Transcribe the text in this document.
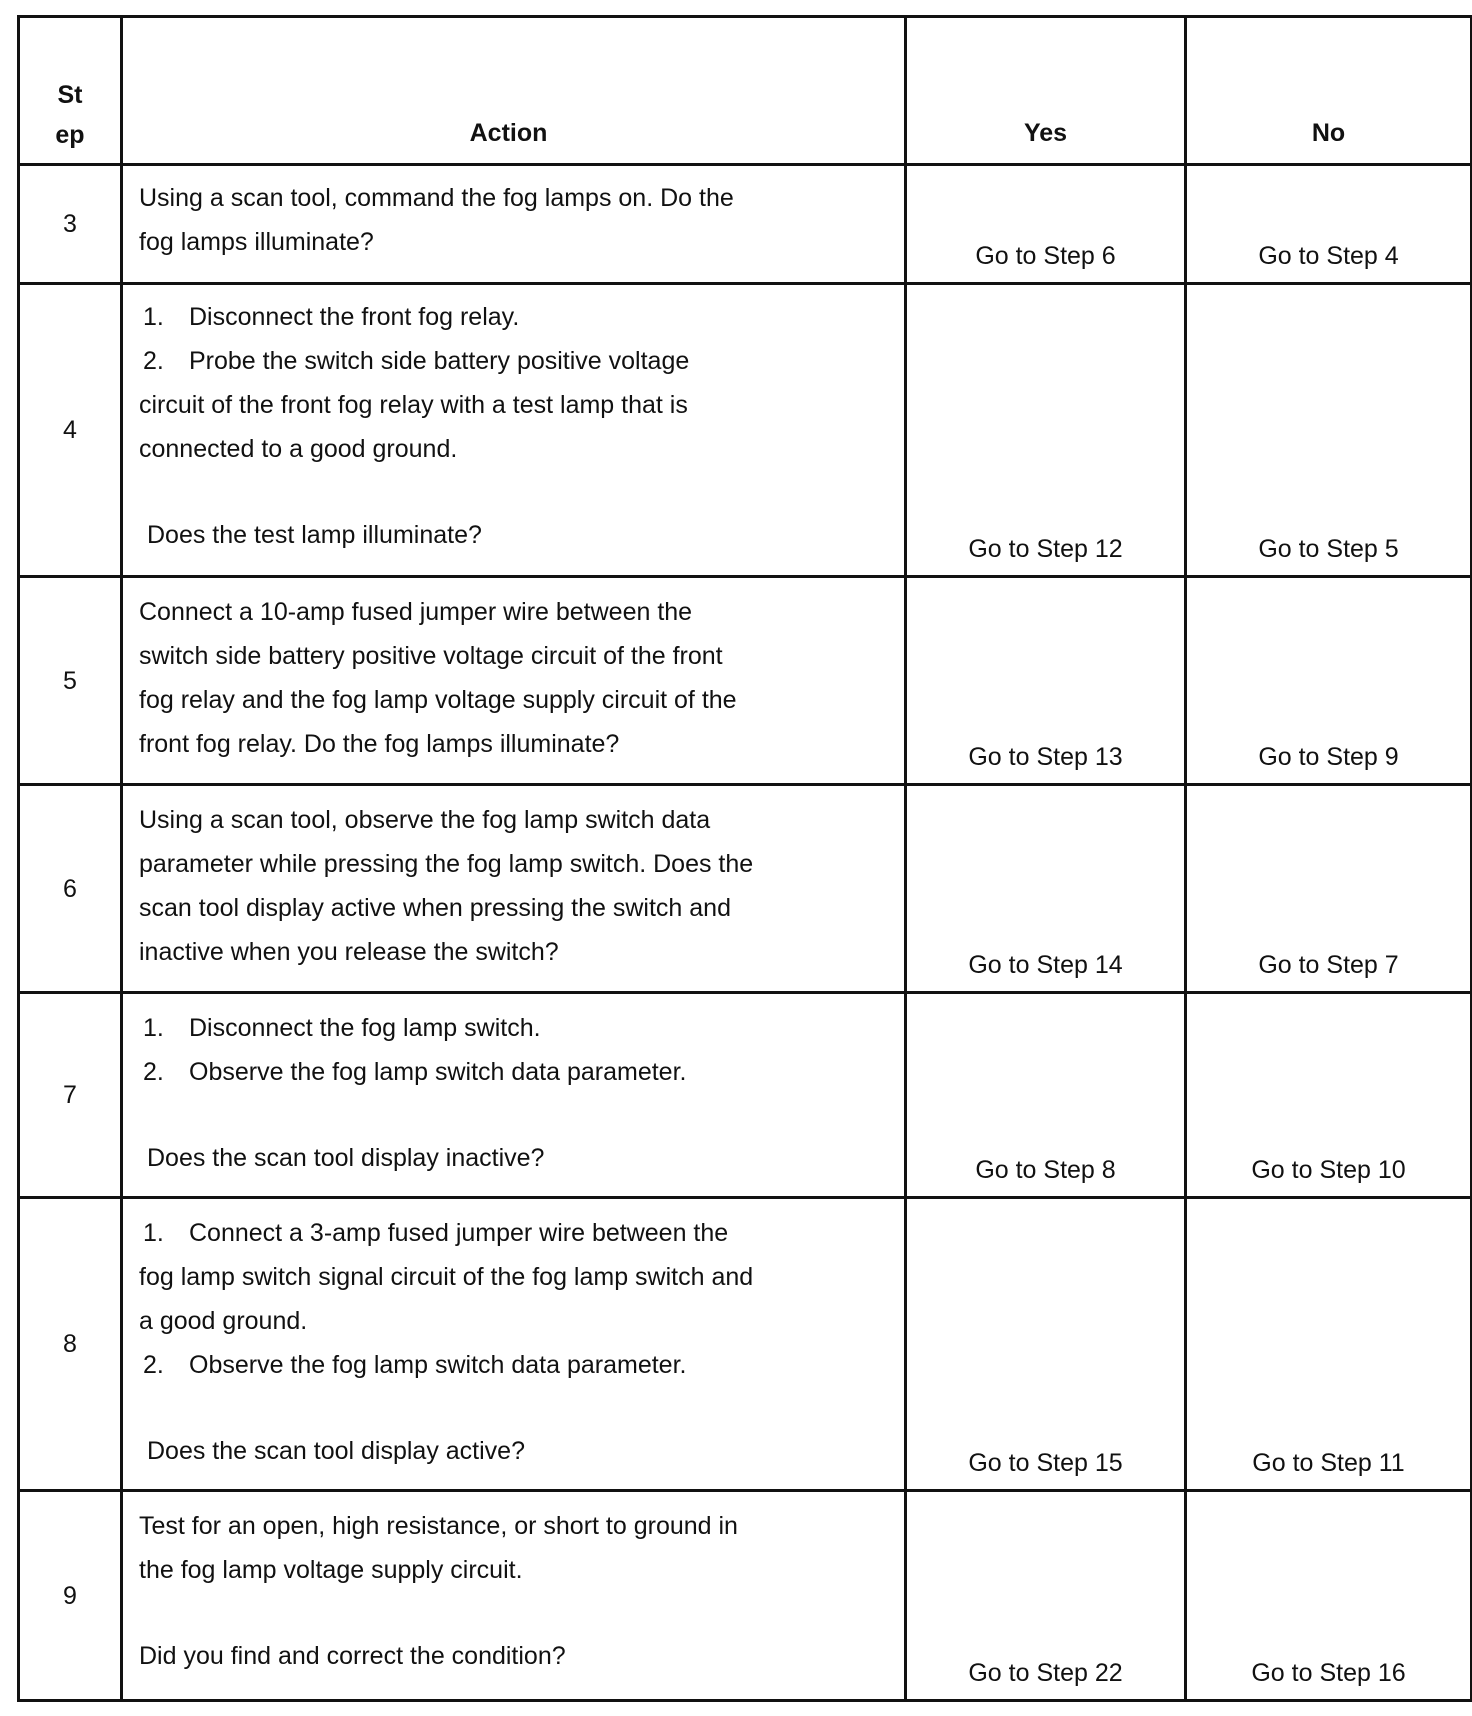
St
ep	Action	Yes	No
3	Using a scan tool, command the fog lamps on. Do the
fog lamps illuminate?	Go to Step 6	Go to Step 4
4	1. Disconnect the front fog relay.
2. Probe the switch side battery positive voltage
circuit of the front fog relay with a test lamp that is
connected to a good ground.
Does the test lamp illuminate?	Go to Step 12	Go to Step 5
5	Connect a 10-amp fused jumper wire between the
switch side battery positive voltage circuit of the front
fog relay and the fog lamp voltage supply circuit of the
front fog relay. Do the fog lamps illuminate?	Go to Step 13	Go to Step 9
6	Using a scan tool, observe the fog lamp switch data
parameter while pressing the fog lamp switch. Does the
scan tool display active when pressing the switch and
inactive when you release the switch?	Go to Step 14	Go to Step 7
7	1. Disconnect the fog lamp switch.
2. Observe the fog lamp switch data parameter.
Does the scan tool display inactive?	Go to Step 8	Go to Step 10
8	1. Connect a 3-amp fused jumper wire between the
fog lamp switch signal circuit of the fog lamp switch and
a good ground.
2. Observe the fog lamp switch data parameter.
Does the scan tool display active?	Go to Step 15	Go to Step 11
9	Test for an open, high resistance, or short to ground in
the fog lamp voltage supply circuit.
Did you find and correct the condition?	Go to Step 22	Go to Step 16
